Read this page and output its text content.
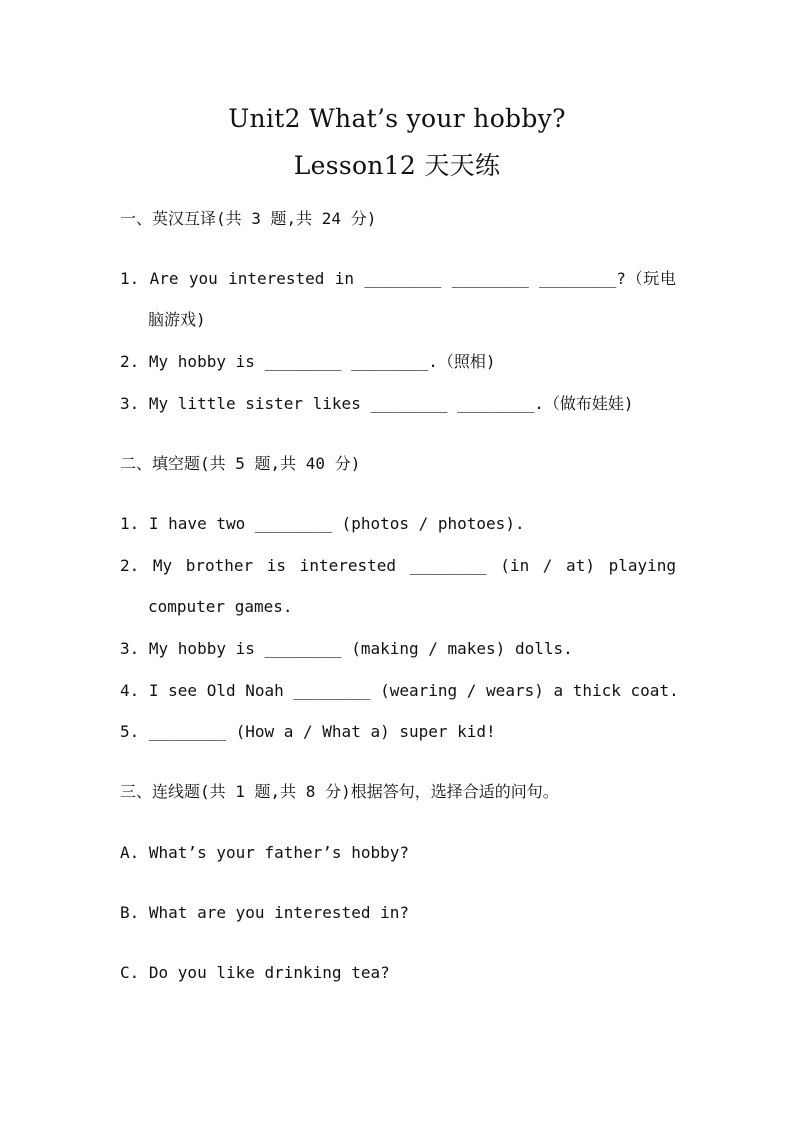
Unit2 What’s your hobby?
Lesson12 天天练
一、英汉互译(共 3 题,共 24 分)
1. Are you interested in ________ ________ ________?（玩电
脑游戏)
2. My hobby is ________ ________.（照相)
3. My little sister likes ________ ________.（做布娃娃)
二、填空题(共 5 题,共 40 分)
1. I have two ________ (photos / photoes).
2. My brother is interested ________ (in / at) playing
computer games.
3. My hobby is ________ (making / makes) dolls.
4. I see Old Noah ________ (wearing / wears) a thick coat.
5. ________ (How a / What a) super kid!
三、连线题(共 1 题,共 8 分)根据答句，选择合适的问句。
A. What’s your father’s hobby?
B. What are you interested in?
C. Do you like drinking tea?
